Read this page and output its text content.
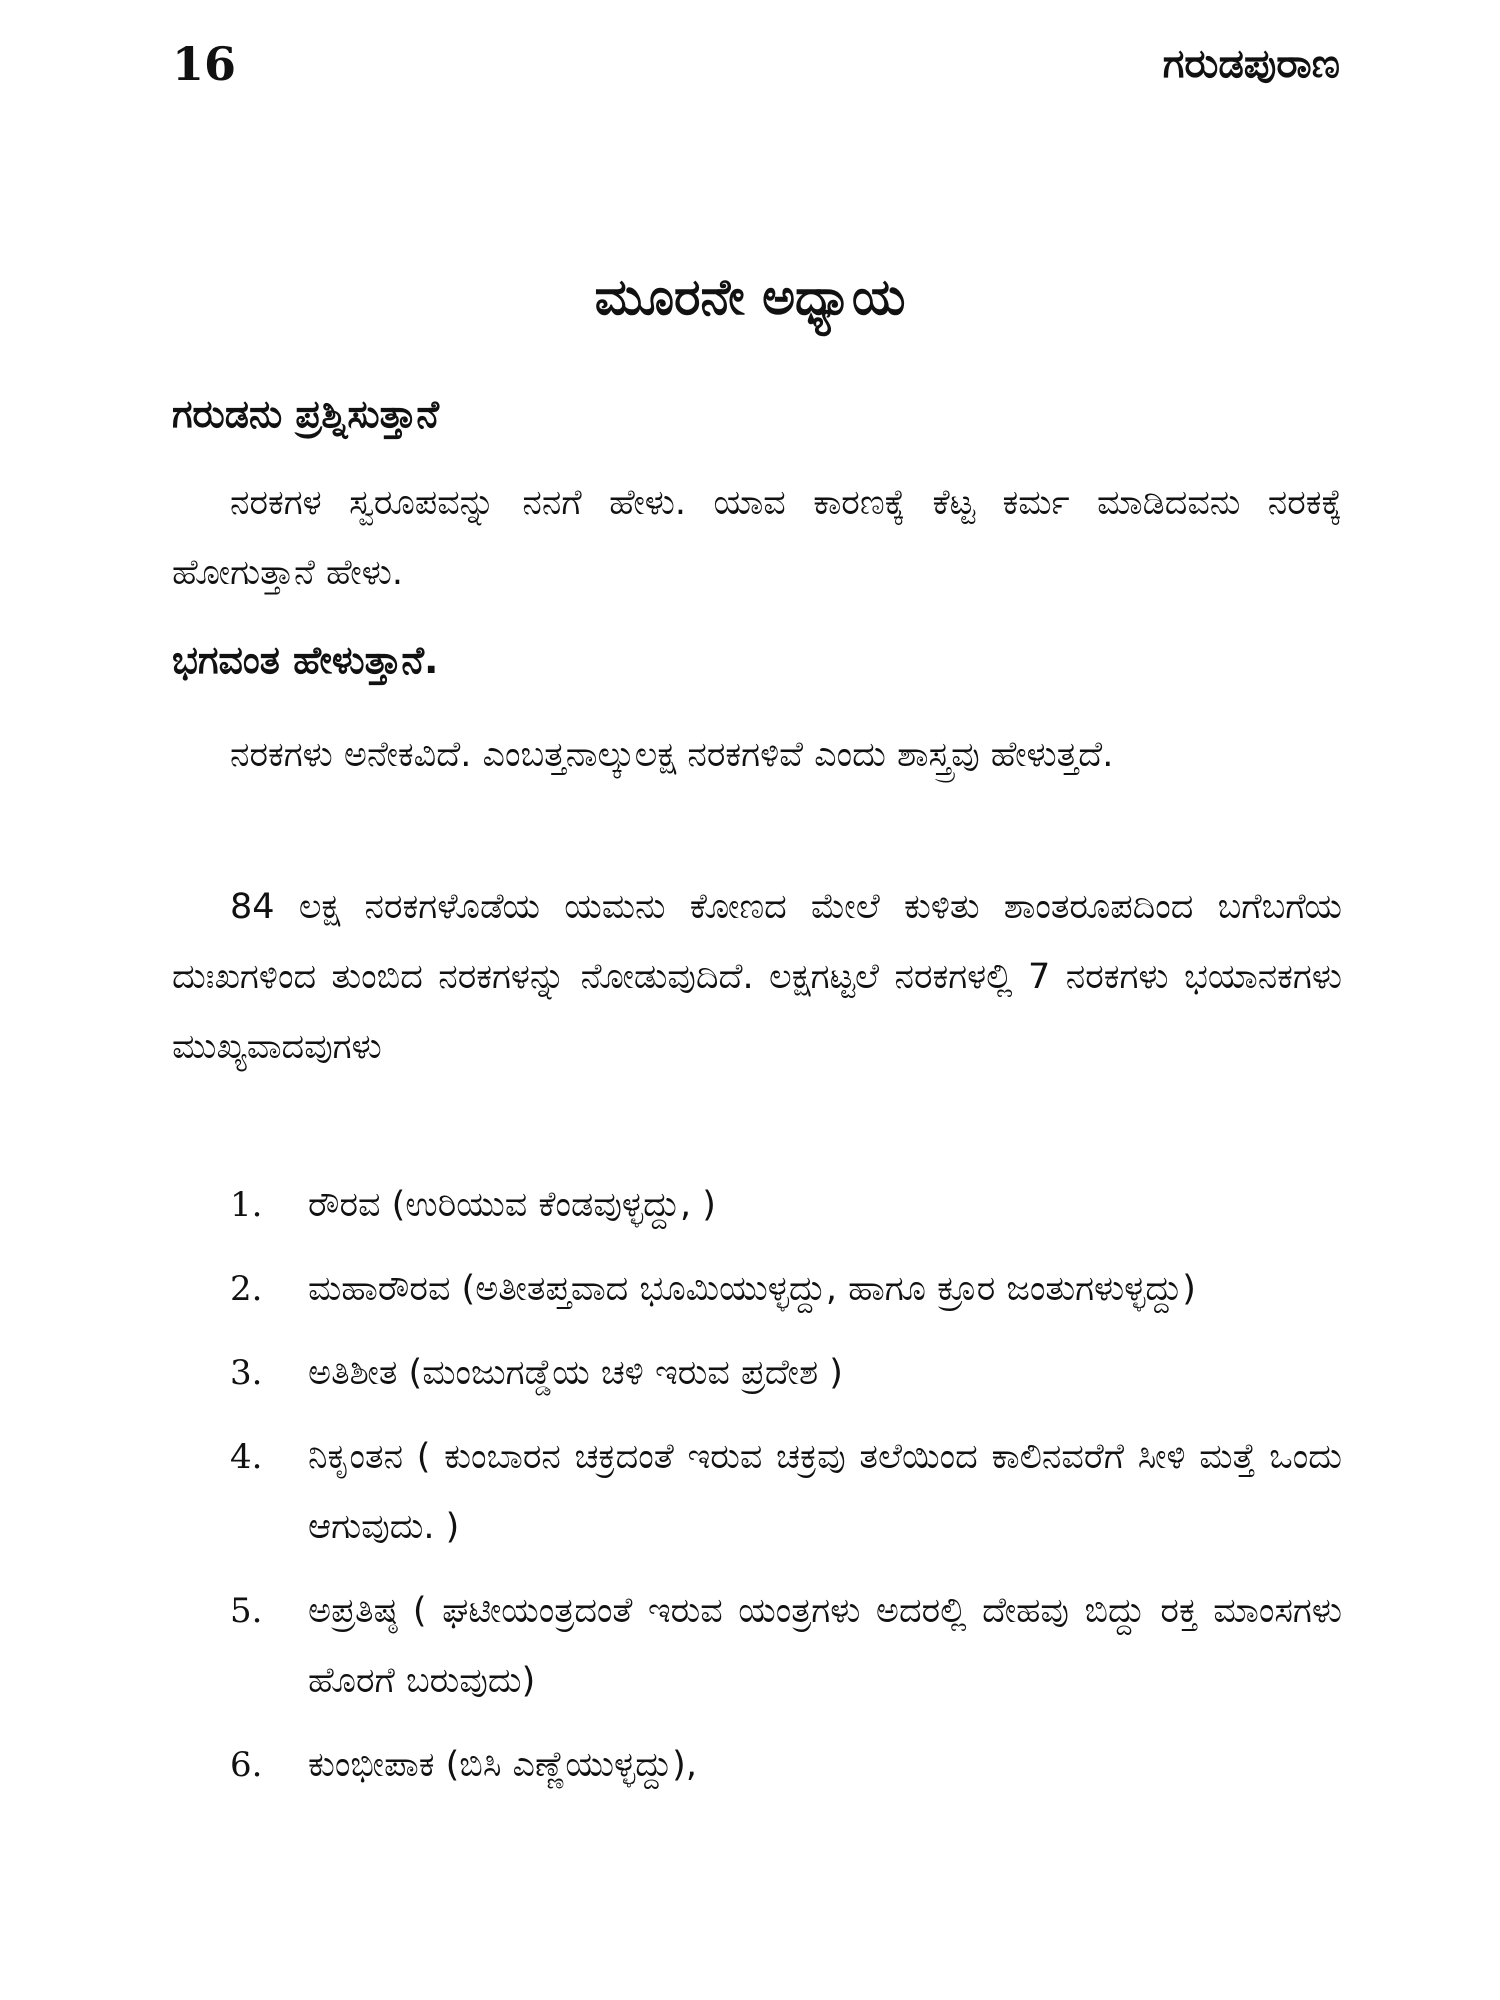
16	ಗರುಡಪುರಾಣ
ಮೂರನೇ ಅಧ್ಯಾಯ
ಗರುಡನು ಪ್ರಶ್ನಿಸುತ್ತಾನೆ

ನರಕಗಳ ಸ್ವರೂಪವನ್ನು ನನಗೆ ಹೇಳು. ಯಾವ ಕಾರಣಕ್ಕೆ ಕೆಟ್ಟ ಕರ್ಮ ಮಾಡಿದವನು ನರಕಕ್ಕೆ ಹೋಗುತ್ತಾನೆ ಹೇಳು.

ಭಗವಂತ ಹೇಳುತ್ತಾನೆ.

ನರಕಗಳು ಅನೇಕವಿದೆ. ಎಂಬತ್ತನಾಲ್ಕುಲಕ್ಷ ನರಕಗಳಿವೆ ಎಂದು ಶಾಸ್ತ್ರವು ಹೇಳುತ್ತದೆ.

84 ಲಕ್ಷ ನರಕಗಳೊಡೆಯ ಯಮನು ಕೋಣದ ಮೇಲೆ ಕುಳಿತು ಶಾಂತರೂಪದಿಂದ ಬಗೆಬಗೆಯ ದುಃಖಗಳಿಂದ ತುಂಬಿದ ನರಕಗಳನ್ನು ನೋಡುವುದಿದೆ. ಲಕ್ಷಗಟ್ಟಲೆ ನರಕಗಳಲ್ಲಿ 7 ನರಕಗಳು ಭಯಾನಕಗಳು ಮುಖ್ಯವಾದವುಗಳು

1. ರೌರವ (ಉರಿಯುವ ಕೆಂಡವುಳ್ಳದ್ದು, )
2. ಮಹಾರೌರವ (ಅತೀತಪ್ತವಾದ ಭೂಮಿಯುಳ್ಳದ್ದು, ಹಾಗೂ ಕ್ರೂರ ಜಂತುಗಳುಳ್ಳದ್ದು)
3. ಅತಿಶೀತ (ಮಂಜುಗಡ್ಡೆಯ ಚಳಿ ಇರುವ ಪ್ರದೇಶ )
4. ನಿಕೃಂತನ ( ಕುಂಬಾರನ ಚಕ್ರದಂತೆ ಇರುವ ಚಕ್ರವು ತಲೆಯಿಂದ ಕಾಲಿನವರೆಗೆ ಸೀಳಿ ಮತ್ತೆ ಒಂದು ಆಗುವುದು. )
5. ಅಪ್ರತಿಷ್ಠ ( ಘಟೀಯಂತ್ರದಂತೆ ಇರುವ ಯಂತ್ರಗಳು ಅದರಲ್ಲಿ ದೇಹವು ಬಿದ್ದು ರಕ್ತ ಮಾಂಸಗಳು ಹೊರಗೆ ಬರುವುದು)
6. ಕುಂಭೀಪಾಕ (ಬಿಸಿ ಎಣ್ಣೆಯುಳ್ಳದ್ದು),
